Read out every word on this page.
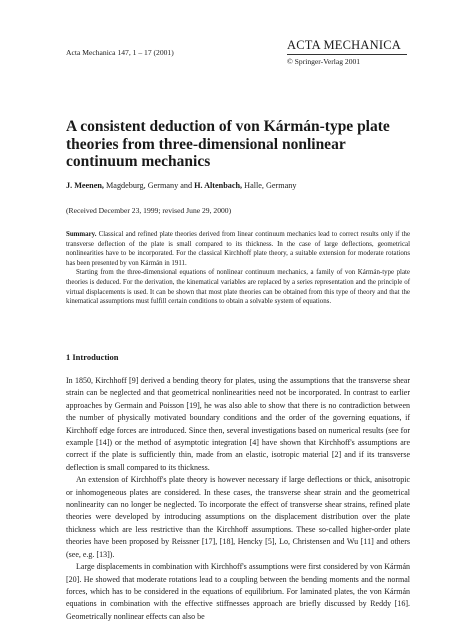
Acta Mechanica 147, 1 – 17 (2001)
ACTA MECHANICA
© Springer-Verlag 2001
A consistent deduction of von Kármán-type plate theories from three-dimensional nonlinear continuum mechanics
J. Meenen, Magdeburg, Germany and H. Altenbach, Halle, Germany
(Received December 23, 1999; revised June 29, 2000)

Summary. Classical and refined plate theories derived from linear continuum mechanics lead to correct results only if the transverse deflection of the plate is small compared to its thickness. In the case of large deflections, geometrical nonlinearities have to be incorporated. For the classical Kirchhoff plate theory, a suitable extension for moderate rotations has been presented by von Kármán in 1911.

Starting from the three-dimensional equations of nonlinear continuum mechanics, a family of von Kármán-type plate theories is deduced. For the derivation, the kinematical variables are replaced by a series representation and the principle of virtual displacements is used. It can be shown that most plate theories can be obtained from this type of theory and that the kinematical assumptions must fulfill certain conditions to obtain a solvable system of equations.

1 Introduction

In 1850, Kirchhoff [9] derived a bending theory for plates, using the assumptions that the transverse shear strain can be neglected and that geometrical nonlinearities need not be incorporated. In contrast to earlier approaches by Germain and Poisson [19], he was also able to show that there is no contradiction between the number of physically motivated boundary conditions and the order of the governing equations, if Kirchhoff edge forces are introduced. Since then, several investigations based on numerical results (see for example [14]) or the method of asymptotic integration [4] have shown that Kirchhoff's assumptions are correct if the plate is sufficiently thin, made from an elastic, isotropic material [2] and if its transverse deflection is small compared to its thickness.

An extension of Kirchhoff's plate theory is however necessary if large deflections or thick, anisotropic or inhomogeneous plates are considered. In these cases, the transverse shear strain and the geometrical nonlinearity can no longer be neglected. To incorporate the effect of transverse shear strains, refined plate theories were developed by introducing assumptions on the displacement distribution over the plate thickness which are less restrictive than the Kirchhoff assumptions. These so-called higher-order plate theories have been proposed by Reissner [17], [18], Hencky [5], Lo, Christensen and Wu [11] and others (see, e.g. [13]).

Large displacements in combination with Kirchhoff's assumptions were first considered by von Kármán [20]. He showed that moderate rotations lead to a coupling between the bending moments and the normal forces, which has to be considered in the equations of equilibrium. For laminated plates, the von Kármán equations in combination with the effective stiffnesses approach are briefly discussed by Reddy [16]. Geometrically nonlinear effects can also be
